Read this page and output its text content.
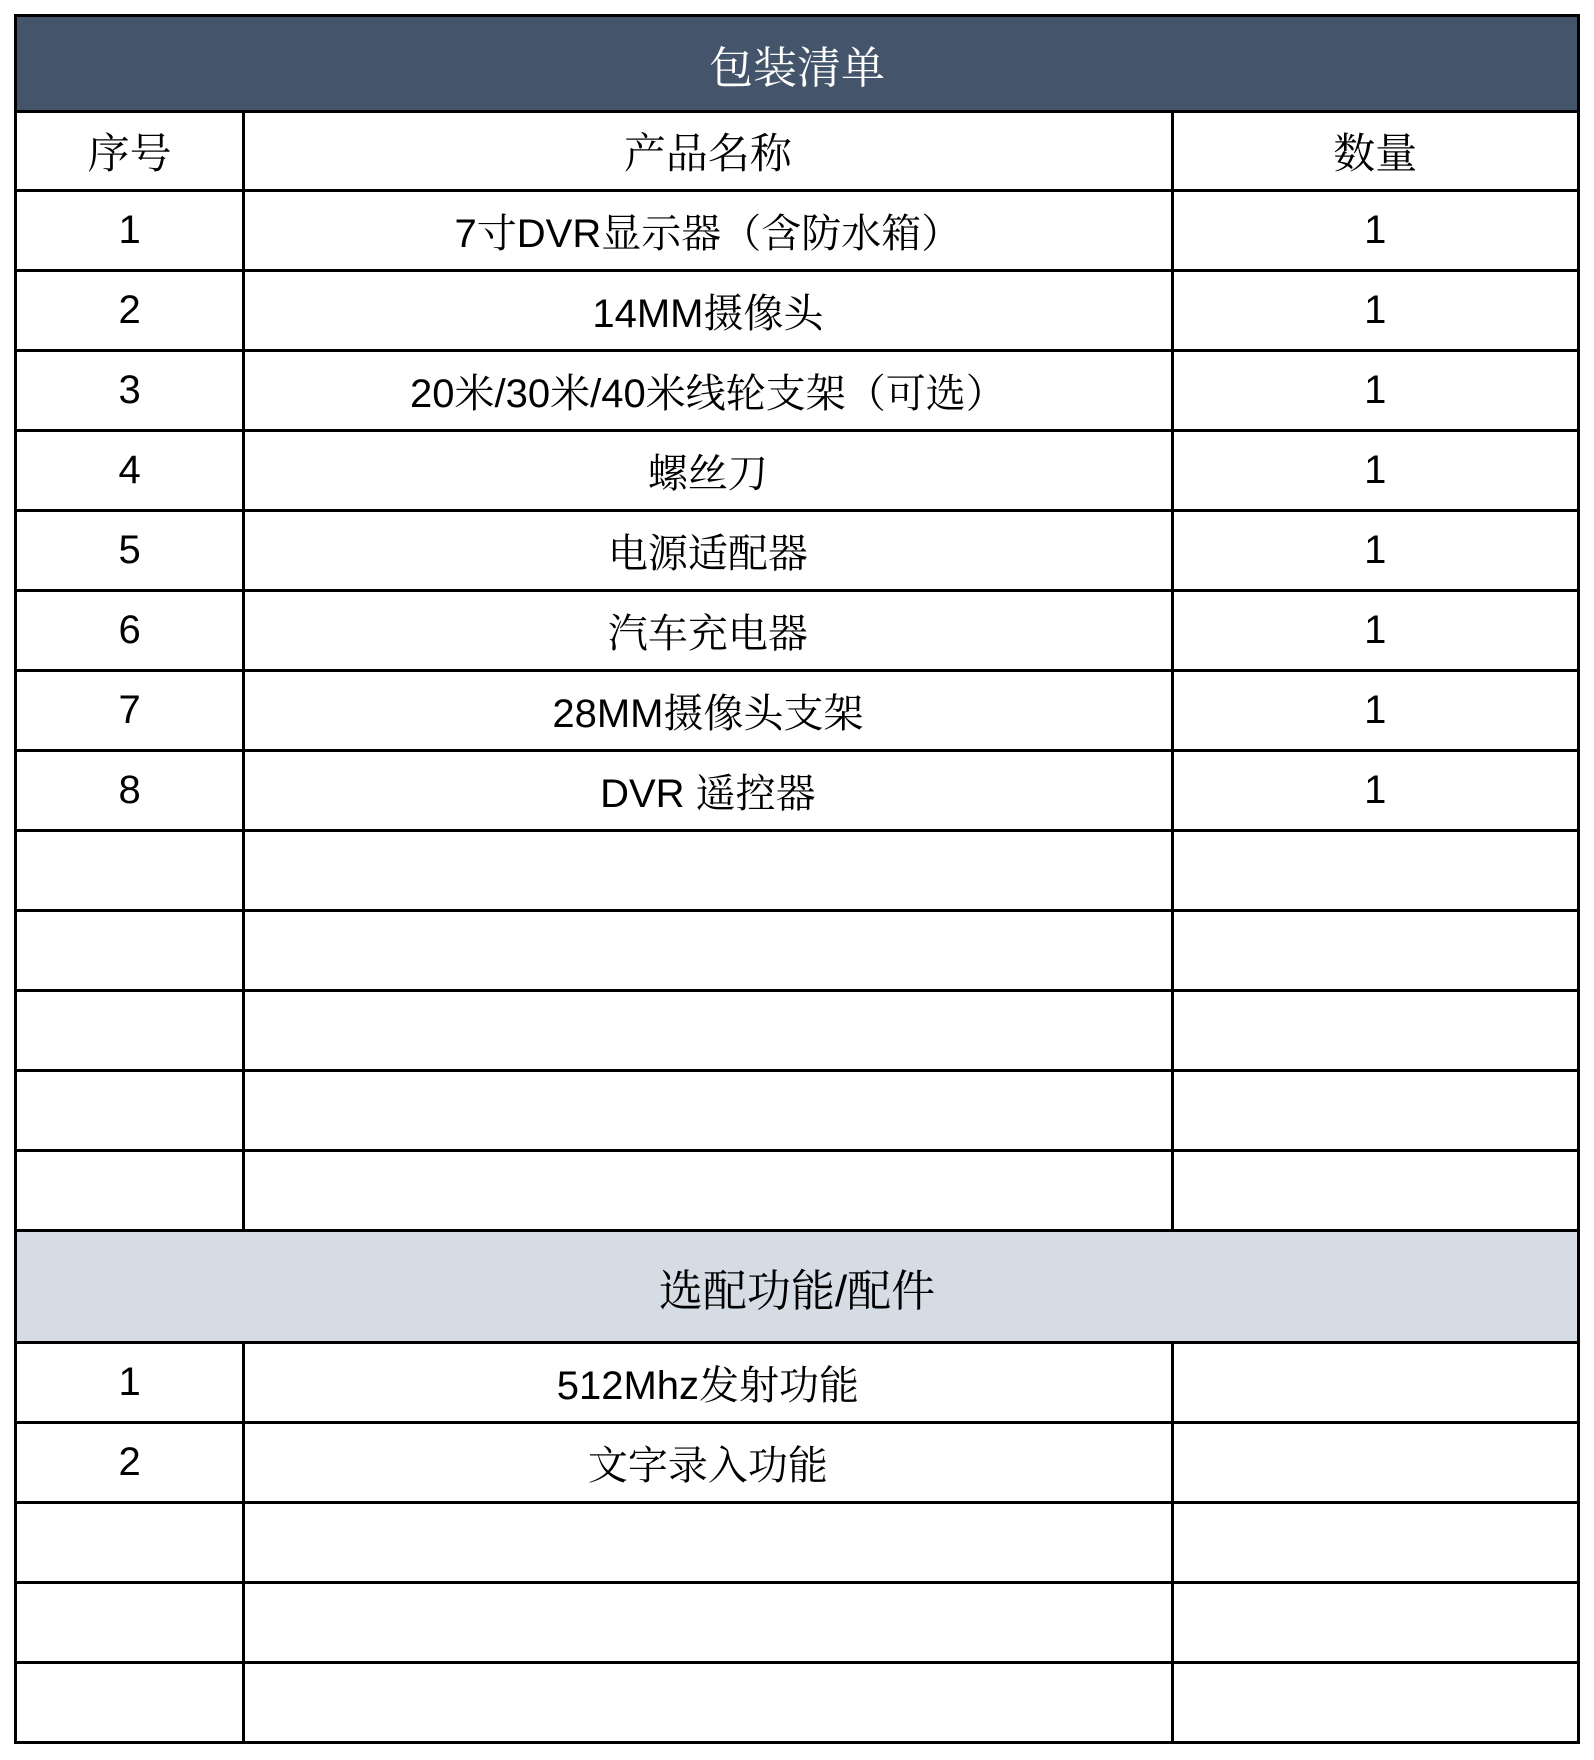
包装清单		
序号	产品名称	数量
1	7寸DVR显示器（含防水箱）	1
2	14MM摄像头	1
3	20米/30米/40米线轮支架（可选）	1
4	螺丝刀	1
5	电源适配器	1
6	汽车充电器	1
7	28MM摄像头支架	1
8	DVR 遥控器	1

选配功能/配件		
1	512Mhz发射功能	
2	文字录入功能	
